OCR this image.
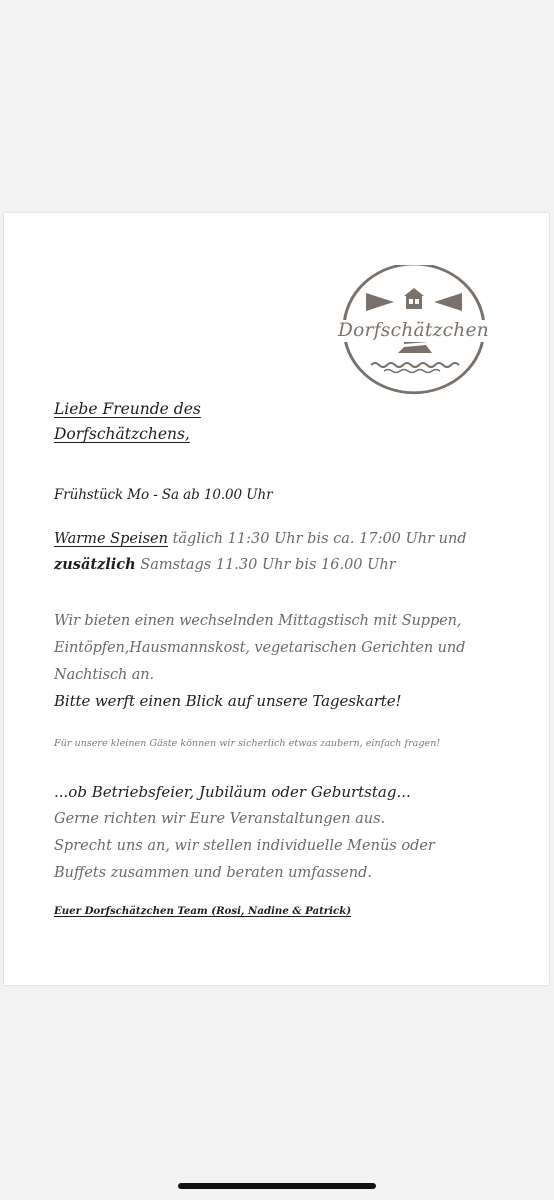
Dorfschätzchen
Liebe Freunde des
Dorfschätzchens,
Frühstück Mo - Sa ab 10.00 Uhr
Warme Speisen täglich 11:30 Uhr bis ca. 17:00 Uhr und
zusätzlich Samstags 11.30 Uhr bis 16.00 Uhr
Wir bieten einen wechselnden Mittagstisch mit Suppen,
Eintöpfen,Hausmannskost, vegetarischen Gerichten und
Nachtisch an.
Bitte werft einen Blick auf unsere Tageskarte!
Für unsere kleinen Gäste können wir sicherlich etwas zaubern, einfach fragen!
...ob Betriebsfeier, Jubiläum oder Geburtstag...
Gerne richten wir Eure Veranstaltungen aus.
Sprecht uns an, wir stellen individuelle Menüs oder
Buffets zusammen und beraten umfassend.
Euer Dorfschätzchen Team (Rosi, Nadine & Patrick)
